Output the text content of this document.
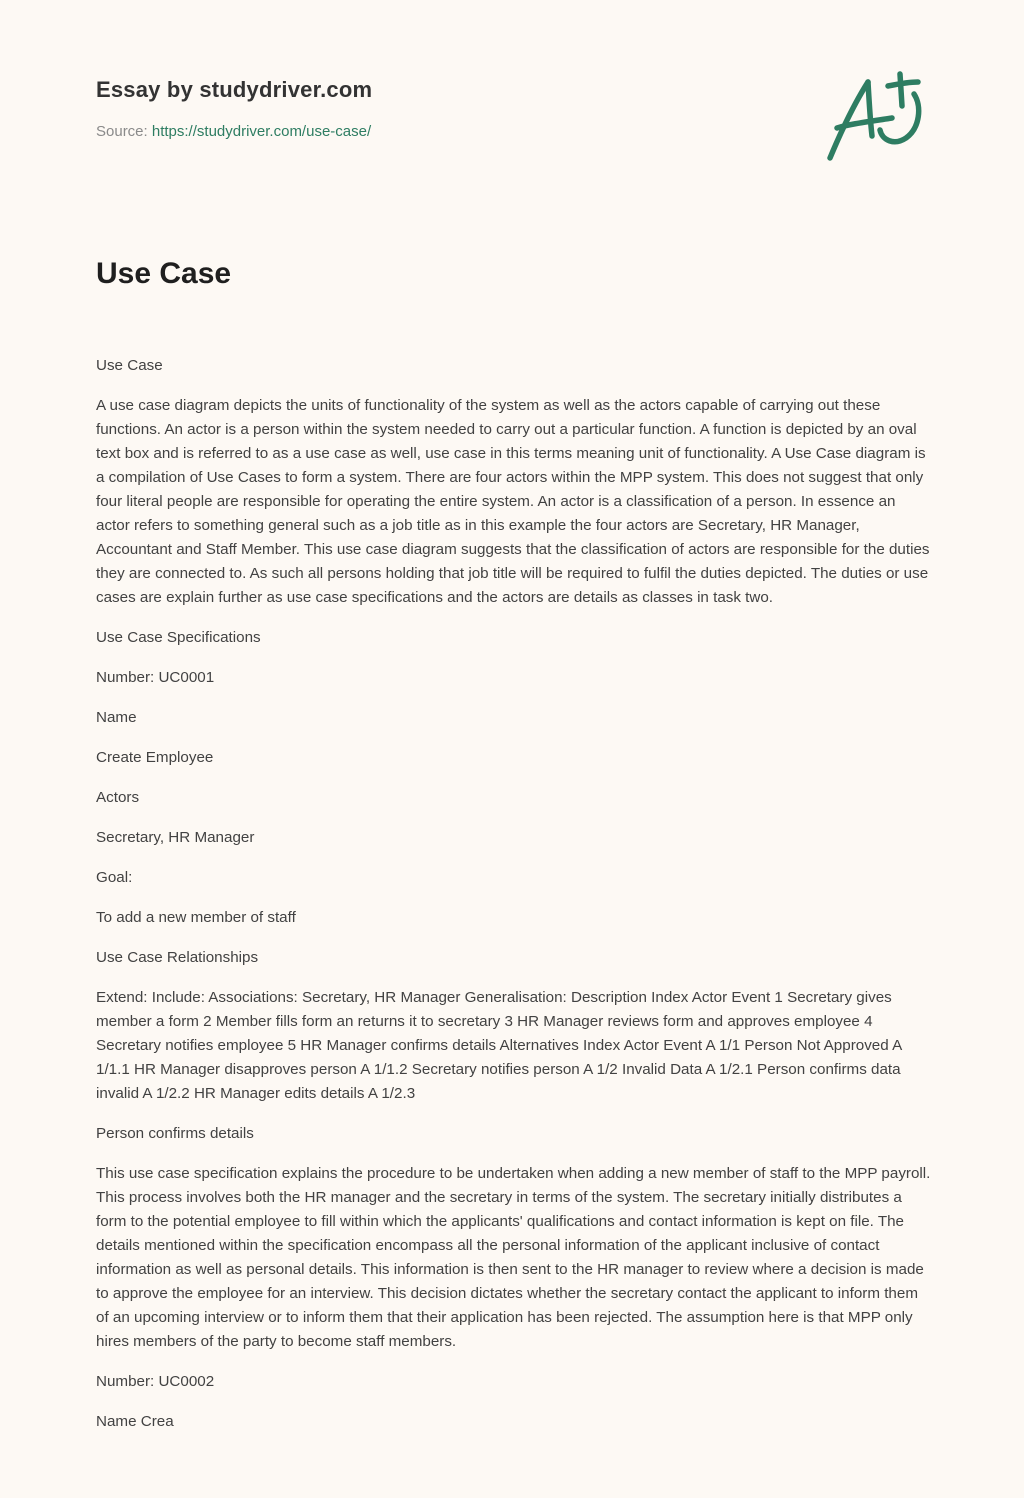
Essay by studydriver.com
Source: https://studydriver.com/use-case/
Use Case

Use Case

A use case diagram depicts the units of functionality of the system as well as the actors capable of carrying out these functions. An actor is a person within the system needed to carry out a particular function. A function is depicted by an oval text box and is referred to as a use case as well, use case in this terms meaning unit of functionality. A Use Case diagram is a compilation of Use Cases to form a system. There are four actors within the MPP system. This does not suggest that only four literal people are responsible for operating the entire system. An actor is a classification of a person. In essence an actor refers to something general such as a job title as in this example the four actors are Secretary, HR Manager, Accountant and Staff Member. This use case diagram suggests that the classification of actors are responsible for the duties they are connected to. As such all persons holding that job title will be required to fulfil the duties depicted. The duties or use cases are explain further as use case specifications and the actors are details as classes in task two.

Use Case Specifications

Number: UC0001

Name

Create Employee

Actors

Secretary, HR Manager

Goal:

To add a new member of staff

Use Case Relationships

Extend: Include: Associations: Secretary, HR Manager Generalisation: Description Index Actor Event 1 Secretary gives member a form 2 Member fills form an returns it to secretary 3 HR Manager reviews form and approves employee 4 Secretary notifies employee 5 HR Manager confirms details Alternatives Index Actor Event A 1/1 Person Not Approved A 1/1.1 HR Manager disapproves person A 1/1.2 Secretary notifies person A 1/2 Invalid Data A 1/2.1 Person confirms data invalid A 1/2.2 HR Manager edits details A 1/2.3

Person confirms details

This use case specification explains the procedure to be undertaken when adding a new member of staff to the MPP payroll. This process involves both the HR manager and the secretary in terms of the system. The secretary initially distributes a form to the potential employee to fill within which the applicants' qualifications and contact information is kept on file. The details mentioned within the specification encompass all the personal information of the applicant inclusive of contact information as well as personal details. This information is then sent to the HR manager to review where a decision is made to approve the employee for an interview. This decision dictates whether the secretary contact the applicant to inform them of an upcoming interview or to inform them that their application has been rejected. The assumption here is that MPP only hires members of the party to become staff members.

Number: UC0002

Name Crea
